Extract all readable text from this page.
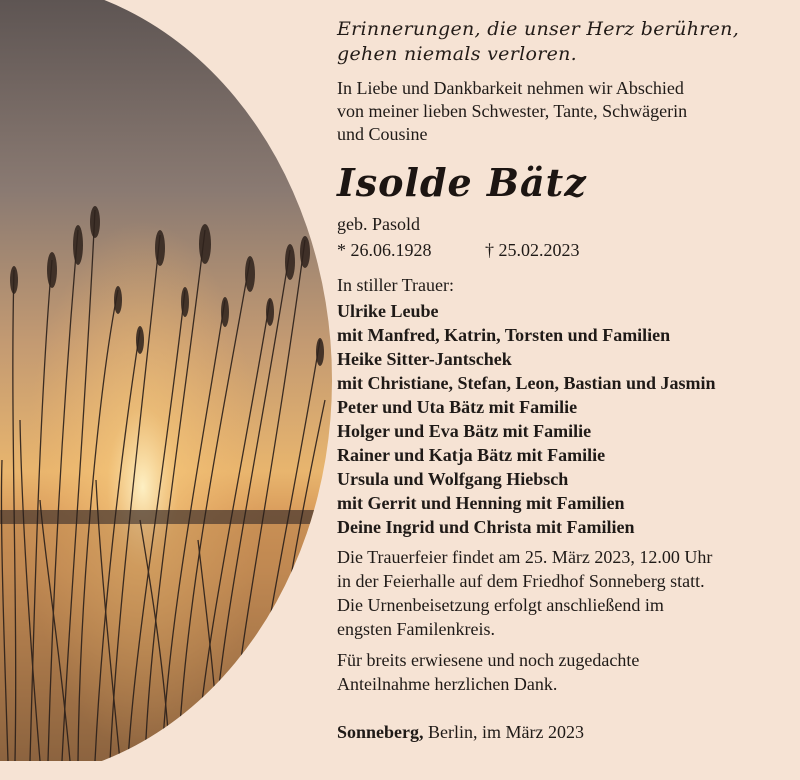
Erinnerungen, die unser Herz berühren,
gehen niemals verloren.
In Liebe und Dankbarkeit nehmen wir Abschied
von meiner lieben Schwester, Tante, Schwägerin
und Cousine
Isolde Bätz
geb. Pasold
* 26.06.1928	† 25.02.2023
In stiller Trauer:
Ulrike Leube
mit Manfred, Katrin, Torsten und Familien
Heike Sitter-Jantschek
mit Christiane, Stefan, Leon, Bastian und Jasmin
Peter und Uta Bätz mit Familie
Holger und Eva Bätz mit Familie
Rainer und Katja Bätz mit Familie
Ursula und Wolfgang Hiebsch
mit Gerrit und Henning mit Familien
Deine Ingrid und Christa mit Familien
Die Trauerfeier findet am 25. März 2023, 12.00 Uhr
in der Feierhalle auf dem Friedhof Sonneberg statt.
Die Urnenbeisetzung erfolgt anschließend im
engsten Familenkreis.
Für breits erwiesene und noch zugedachte
Anteilnahme herzlichen Dank.
Sonneberg, Berlin, im März 2023
